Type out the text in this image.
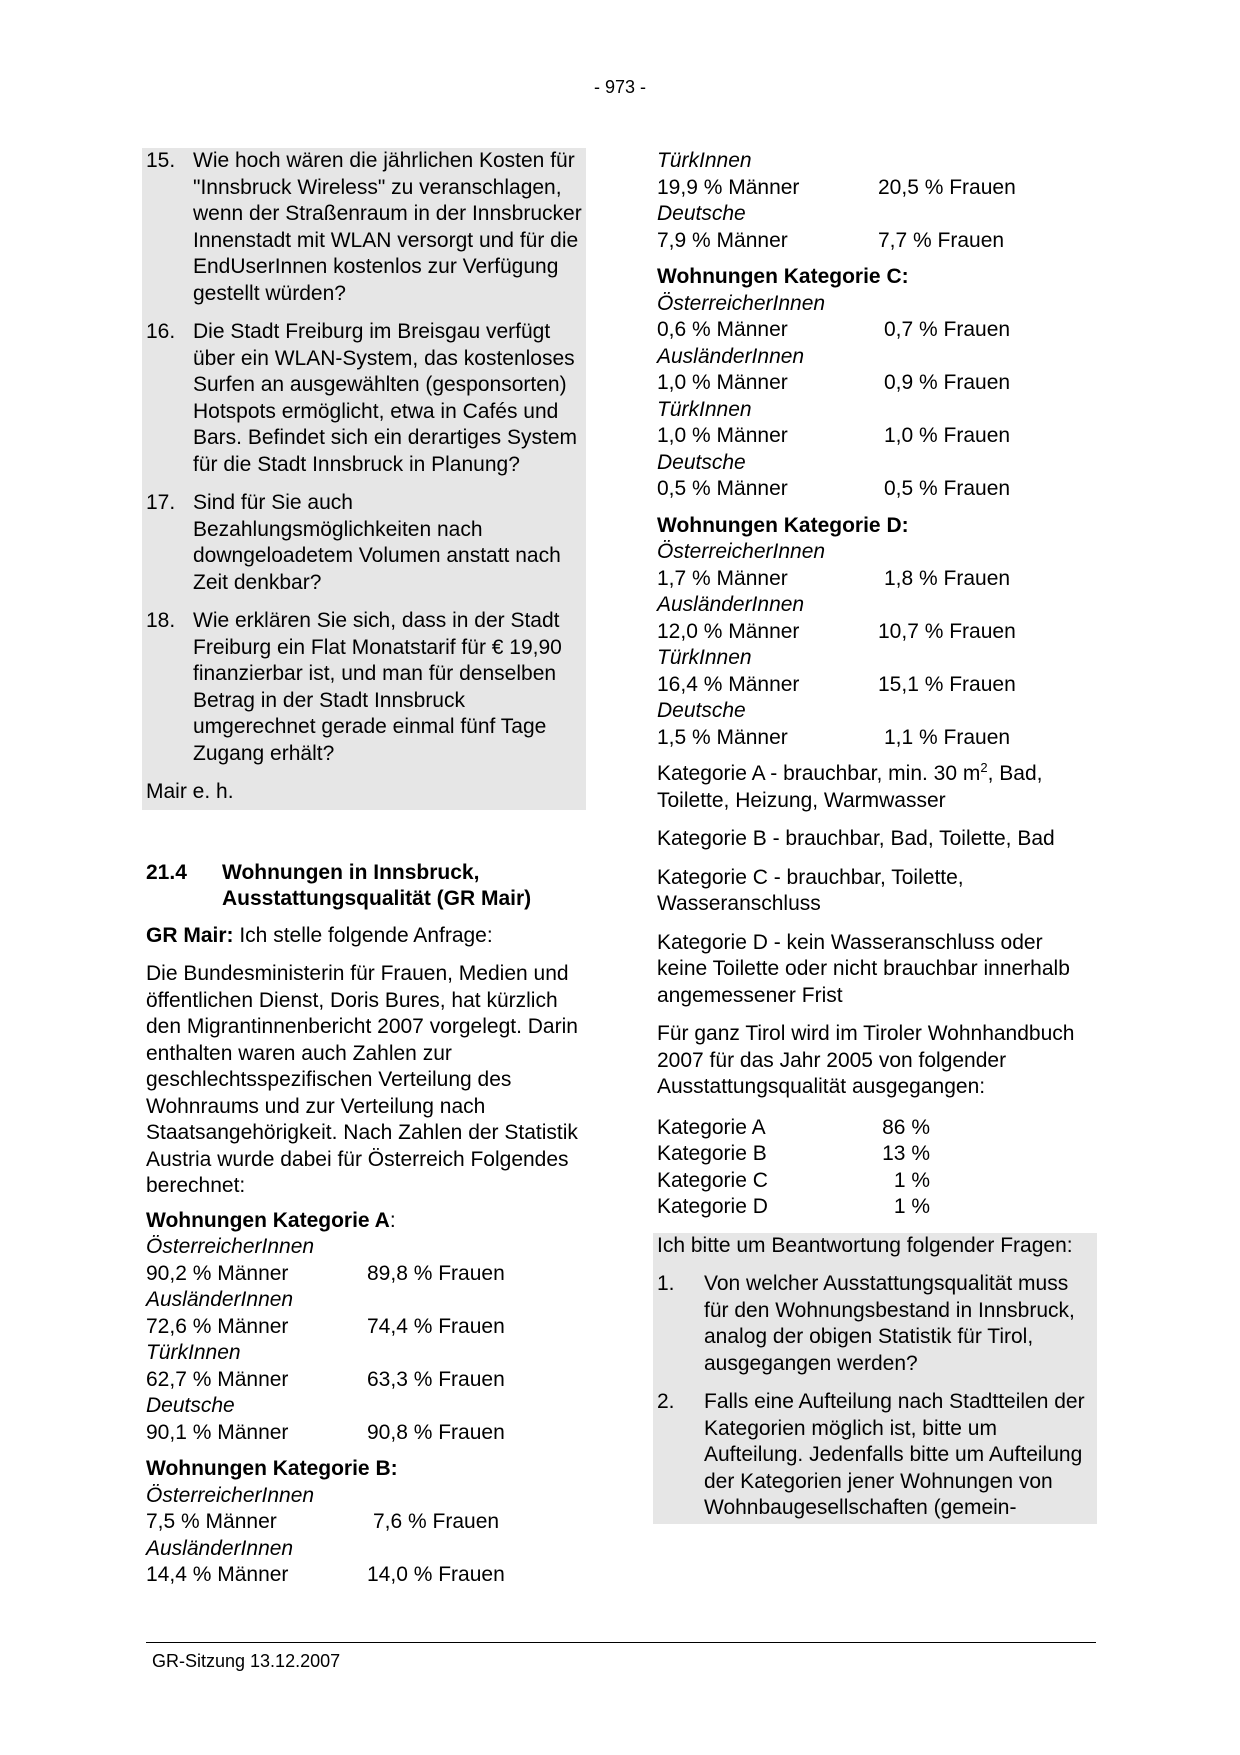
- 973 -
15. Wie hoch wären die jährlichen Kosten für "Innsbruck Wireless" zu veranschlagen, wenn der Straßenraum in der Innsbrucker Innenstadt mit WLAN versorgt und für die EndUserInnen kostenlos zur Verfügung gestellt würden?
16. Die Stadt Freiburg im Breisgau verfügt über ein WLAN-System, das kostenloses Surfen an ausgewählten (gesponsorten) Hotspots ermöglicht, etwa in Cafés und Bars. Befindet sich ein derartiges System für die Stadt Innsbruck in Planung?
17. Sind für Sie auch Bezahlungsmöglichkeiten nach downgeloadetem Volumen anstatt nach Zeit denkbar?
18. Wie erklären Sie sich, dass in der Stadt Freiburg ein Flat Monatstarif für € 19,90 finanzierbar ist, und man für denselben Betrag in der Stadt Innsbruck umgerechnet gerade einmal fünf Tage Zugang erhält?
Mair e. h.
21.4	Wohnungen in Innsbruck, Ausstattungsqualität (GR Mair)

GR Mair: Ich stelle folgende Anfrage:

Die Bundesministerin für Frauen, Medien und öffentlichen Dienst, Doris Bures, hat kürzlich den Migrantinnenbericht 2007 vorgelegt. Darin enthalten waren auch Zahlen zur geschlechtsspezifischen Verteilung des Wohnraums und zur Verteilung nach Staatsangehörigkeit. Nach Zahlen der Statistik Austria wurde dabei für Österreich Folgendes berechnet:

Wohnungen Kategorie A:
ÖsterreicherInnen
90,2 % Männer	89,8 % Frauen
AusländerInnen
72,6 % Männer	74,4 % Frauen
TürkInnen
62,7 % Männer	63,3 % Frauen
Deutsche
90,1 % Männer	90,8 % Frauen
Wohnungen Kategorie B:
ÖsterreicherInnen
7,5 % Männer	7,6 % Frauen
AusländerInnen
14,4 % Männer	14,0 % Frauen
TürkInnen
19,9 % Männer	20,5 % Frauen
Deutsche
7,9 % Männer	7,7 % Frauen
Wohnungen Kategorie C:
ÖsterreicherInnen
0,6 % Männer	0,7 % Frauen
AusländerInnen
1,0 % Männer	0,9 % Frauen
TürkInnen
1,0 % Männer	1,0 % Frauen
Deutsche
0,5 % Männer	0,5 % Frauen
Wohnungen Kategorie D:
ÖsterreicherInnen
1,7 % Männer	1,8 % Frauen
AusländerInnen
12,0 % Männer	10,7 % Frauen
TürkInnen
16,4 % Männer	15,1 % Frauen
Deutsche
1,5 % Männer	1,1 % Frauen

Kategorie A - brauchbar, min. 30 $m^2$, Bad, Toilette, Heizung, Warmwasser

Kategorie B - brauchbar, Bad, Toilette, Bad

Kategorie C - brauchbar, Toilette, Wasseranschluss

Kategorie D - kein Wasseranschluss oder keine Toilette oder nicht brauchbar innerhalb angemessener Frist

Für ganz Tirol wird im Tiroler Wohnhandbuch 2007 für das Jahr 2005 von folgender Ausstattungsqualität ausgegangen:

Kategorie A	86 %
Kategorie B	13 %
Kategorie C	1 %
Kategorie D	1 %

Ich bitte um Beantwortung folgender Fragen:

1.	Von welcher Ausstattungsqualität muss für den Wohnungsbestand in Innsbruck, analog der obigen Statistik für Tirol, ausgegangen werden?
2.	Falls eine Aufteilung nach Stadtteilen der Kategorien möglich ist, bitte um Aufteilung. Jedenfalls bitte um Aufteilung der Kategorien jener Wohnungen von Wohnbaugesellschaften (gemein-
GR-Sitzung 13.12.2007
